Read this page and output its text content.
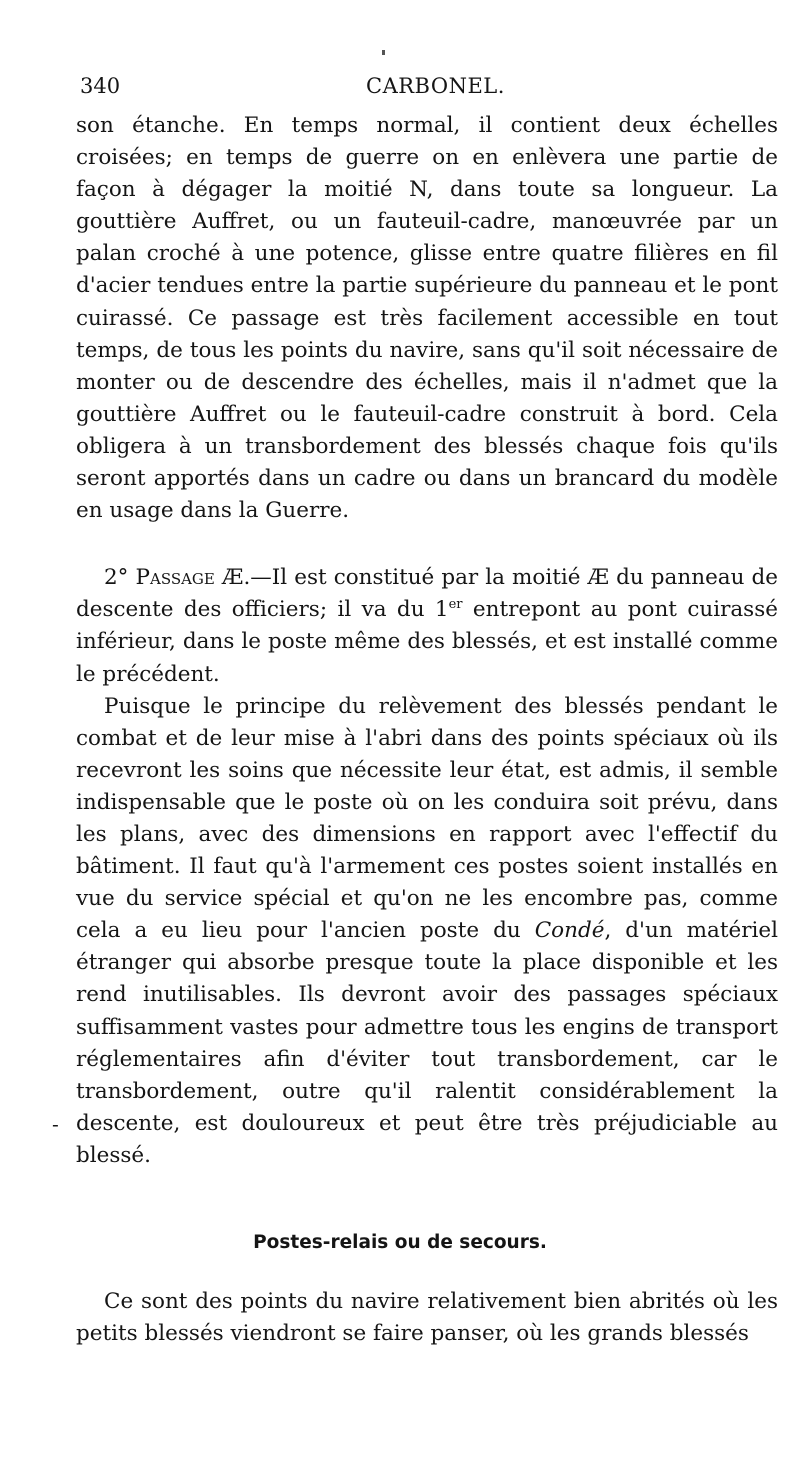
340	CARBONEL.

son étanche. En temps normal, il contient deux échelles croisées; en temps de guerre on en enlèvera une partie de façon à dégager la moitié N, dans toute sa longueur. La gouttière Auffret, ou un fauteuil-cadre, manœuvrée par un palan croché à une potence, glisse entre quatre filières en fil d'acier tendues entre la partie supérieure du panneau et le pont cuirassé. Ce passage est très facilement accessible en tout temps, de tous les points du navire, sans qu'il soit nécessaire de monter ou de descendre des échelles, mais il n'admet que la gouttière Auffret ou le fauteuil-cadre construit à bord. Cela obligera à un transbordement des blessés chaque fois qu'ils seront apportés dans un cadre ou dans un brancard du modèle en usage dans la Guerre.

2° Passage Æ.—Il est constitué par la moitié Æ du panneau de descente des officiers; il va du 1er entrepont au pont cuirassé inférieur, dans le poste même des blessés, et est installé comme le précédent.

Puisque le principe du relèvement des blessés pendant le combat et de leur mise à l'abri dans des points spéciaux où ils recevront les soins que nécessite leur état, est admis, il semble indispensable que le poste où on les conduira soit prévu, dans les plans, avec des dimensions en rapport avec l'effectif du bâtiment. Il faut qu'à l'armement ces postes soient installés en vue du service spécial et qu'on ne les encombre pas, comme cela a eu lieu pour l'ancien poste du Condé, d'un matériel étranger qui absorbe presque toute la place disponible et les rend inutilisables. Ils devront avoir des passages spéciaux suffisamment vastes pour admettre tous les engins de transport réglementaires afin d'éviter tout transbordement, car le transbordement, outre qu'il ralentit considérablement la descente, est douloureux et peut être très préjudiciable au blessé.

-
Postes-relais ou de secours.

Ce sont des points du navire relativement bien abrités où les petits blessés viendront se faire panser, où les grands blessés
